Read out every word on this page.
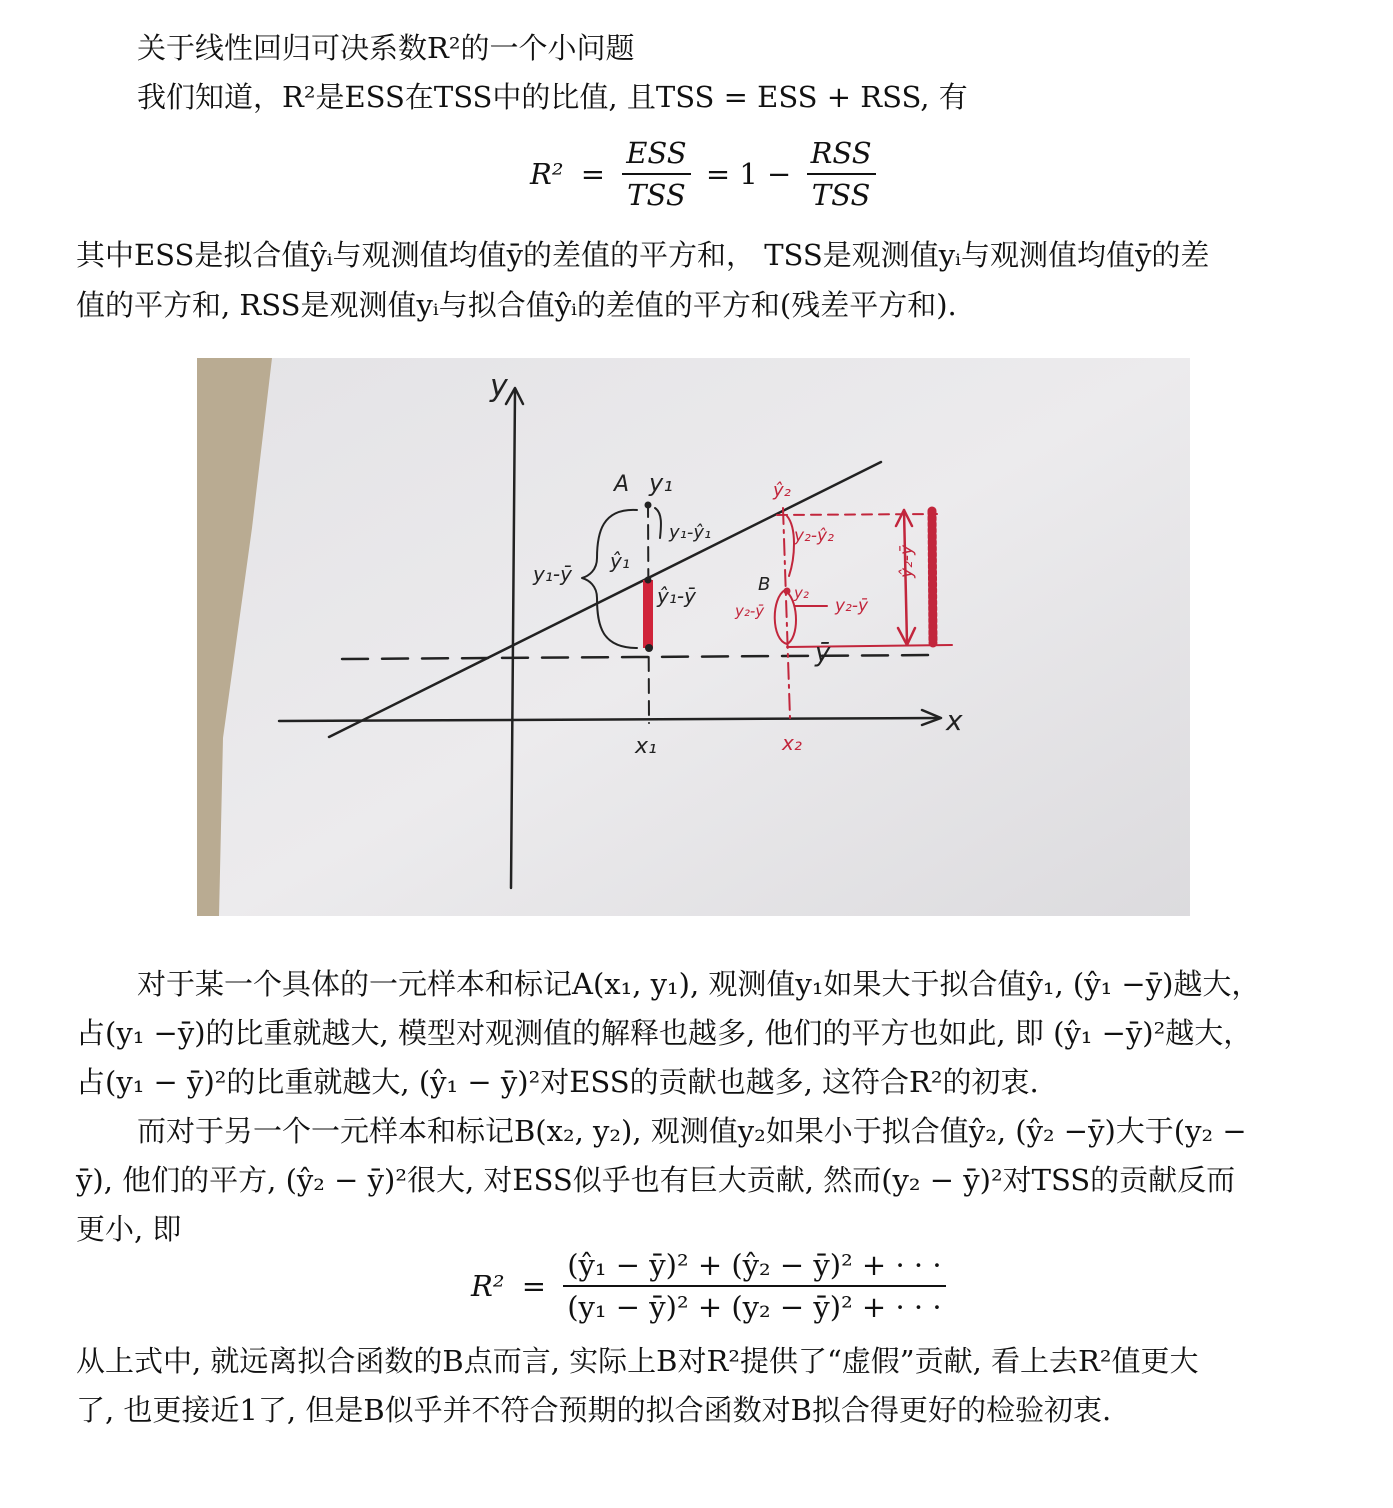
关于线性回归可决系数R²的一个小问题
我们知道，R²是ESS在TSS中的比值, 且TSS = ESS + RSS, 有
$R^2 = \frac{\text{ESS}}{\text{TSS}} = 1 - \frac{\text{RSS}}{\text{TSS}}$
其中ESS是拟合值ŷᵢ与观测值均值ȳ的差值的平方和， TSS是观测值yᵢ与观测值均值ȳ的差
值的平方和, RSS是观测值yᵢ与拟合值ŷᵢ的差值的平方和(残差平方和).
y
x
A y₁
y₁-ŷ₁
y₁-ȳ
ŷ₁
ŷ₁-ȳ
x₁
ŷ₂
y₂-ŷ₂
B y₂
y₂-ȳ	y₂-ȳ
ŷ₂-ȳ
ȳ
x₂
对于某一个具体的一元样本和标记A(x₁, y₁), 观测值y₁如果大于拟合值ŷ₁, (ŷ₁ −ȳ)越大，
占(y₁ −ȳ)的比重就越大, 模型对观测值的解释也越多, 他们的平方也如此, 即 (ŷ₁ −ȳ)²越大，
占(y₁ − ȳ)²的比重就越大, (ŷ₁ − ȳ)²对ESS的贡献也越多, 这符合R²的初衷.
而对于另一个一元样本和标记B(x₂, y₂), 观测值y₂如果小于拟合值ŷ₂, (ŷ₂ −ȳ)大于(y₂ −
ȳ), 他们的平方, (ŷ₂ − ȳ)²很大, 对ESS似乎也有巨大贡献, 然而(y₂ − ȳ)²对TSS的贡献反而
更小, 即
$R^2 = \frac{\text{(ŷ₁ − ȳ)² + (ŷ₂ − ȳ)² + · · ·}}{\text{(y₁ − ȳ)² + (y₂ − ȳ)² + · · ·}}$
从上式中, 就远离拟合函数的B点而言, 实际上B对R²提供了“虚假”贡献, 看上去R²值更大
了, 也更接近1了, 但是B似乎并不符合预期的拟合函数对B拟合得更好的检验初衷.
